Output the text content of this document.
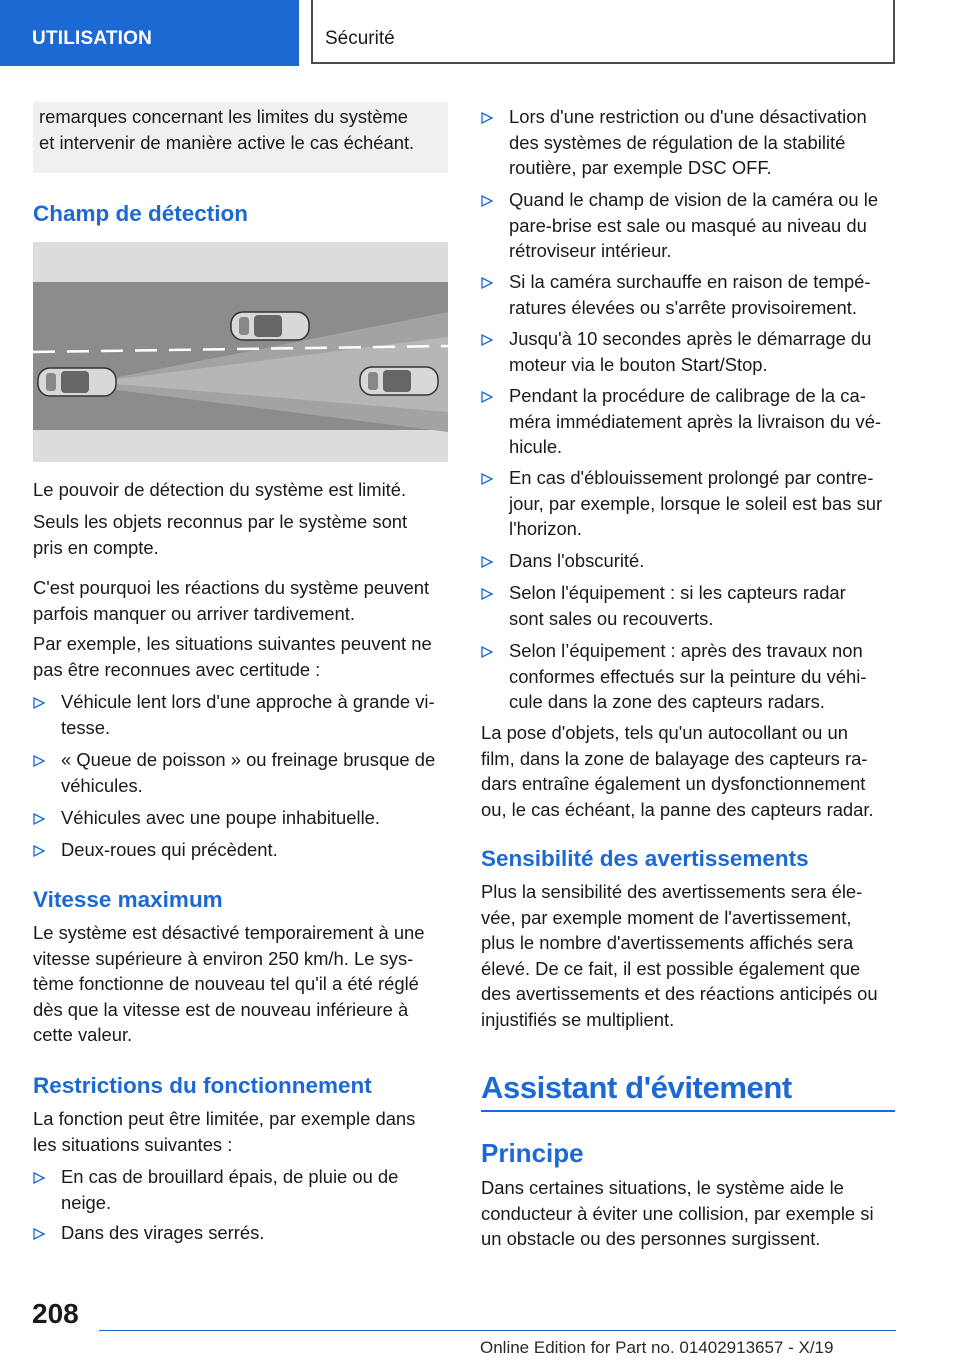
UTILISATION	Sécurité
remarques concernant les limites du système
et intervenir de manière active le cas échéant.
Champ de détection
Le pouvoir de détection du système est limité.
Seuls les objets reconnus par le système sont
pris en compte.
C'est pourquoi les réactions du système peuvent
parfois manquer ou arriver tardivement.
Par exemple, les situations suivantes peuvent ne
pas être reconnues avec certitude :
Véhicule lent lors d'une approche à grande vi-
tesse.
« Queue de poisson » ou freinage brusque de
véhicules.
Véhicules avec une poupe inhabituelle.
Deux-roues qui précèdent.
Vitesse maximum
Le système est désactivé temporairement à une
vitesse supérieure à environ 250 km/h. Le sys-
tème fonctionne de nouveau tel qu'il a été réglé
dès que la vitesse est de nouveau inférieure à
cette valeur.
Restrictions du fonctionnement
La fonction peut être limitée, par exemple dans
les situations suivantes :
En cas de brouillard épais, de pluie ou de
neige.
Dans des virages serrés.
Lors d'une restriction ou d'une désactivation
des systèmes de régulation de la stabilité
routière, par exemple DSC OFF.
Quand le champ de vision de la caméra ou le
pare-brise est sale ou masqué au niveau du
rétroviseur intérieur.
Si la caméra surchauffe en raison de tempé-
ratures élevées ou s'arrête provisoirement.
Jusqu'à 10 secondes après le démarrage du
moteur via le bouton Start/Stop.
Pendant la procédure de calibrage de la ca-
méra immédiatement après la livraison du vé-
hicule.
En cas d'éblouissement prolongé par contre-
jour, par exemple, lorsque le soleil est bas sur
l'horizon.
Dans l'obscurité.
Selon l'équipement : si les capteurs radar
sont sales ou recouverts.
Selon l’équipement : après des travaux non
conformes effectués sur la peinture du véhi-
cule dans la zone des capteurs radars.
La pose d'objets, tels qu'un autocollant ou un
film, dans la zone de balayage des capteurs ra-
dars entraîne également un dysfonctionnement
ou, le cas échéant, la panne des capteurs radar.
Sensibilité des avertissements
Plus la sensibilité des avertissements sera éle-
vée, par exemple moment de l'avertissement,
plus le nombre d'avertissements affichés sera
élevé. De ce fait, il est possible également que
des avertissements et des réactions anticipés ou
injustifiés se multiplient.
Assistant d'évitement
Principe
Dans certaines situations, le système aide le
conducteur à éviter une collision, par exemple si
un obstacle ou des personnes surgissent.
208
Online Edition for Part no. 01402913657 - X/19
